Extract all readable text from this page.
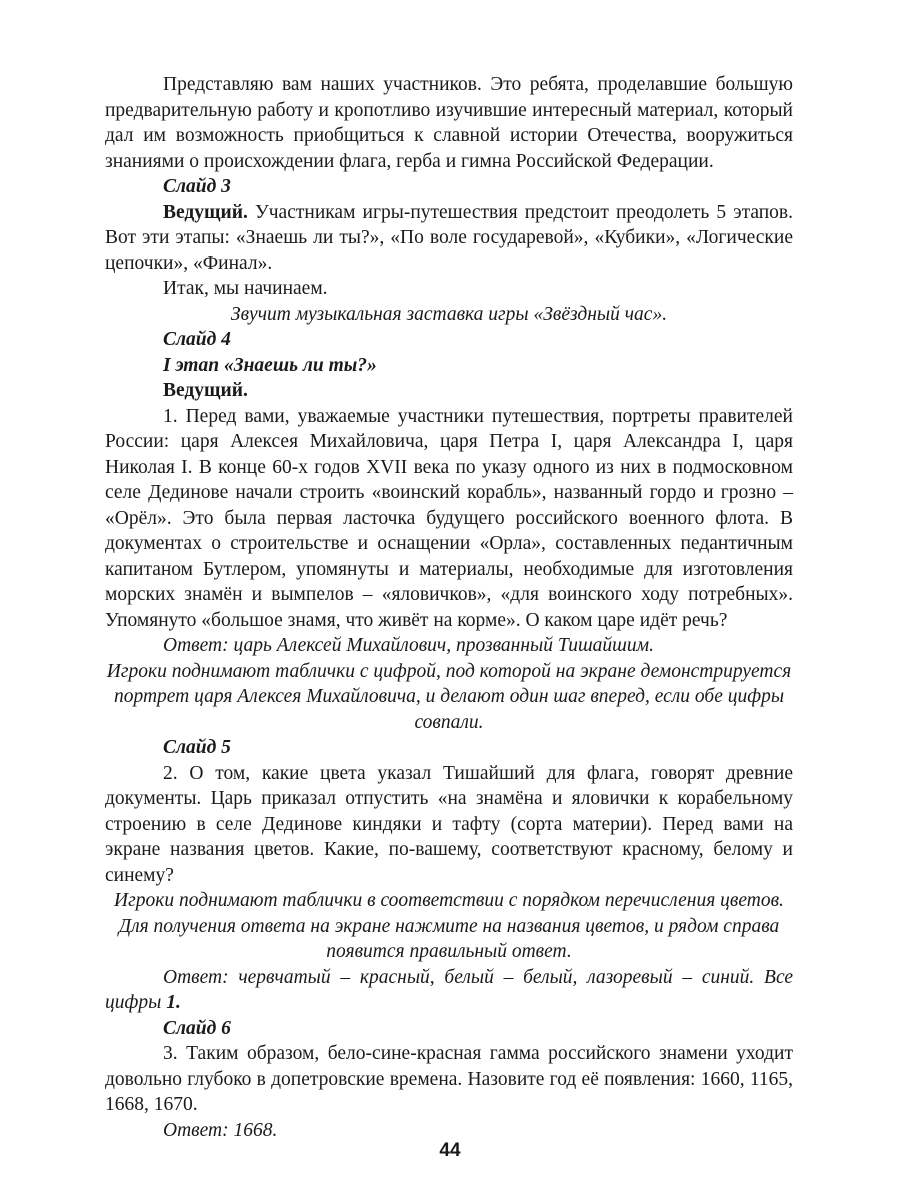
Представляю вам наших участников. Это ребята, проделавшие большую предварительную работу и кропотливо изучившие интересный материал, который дал им возможность приобщиться к славной истории Отечества, вооружиться знаниями о происхождении флага, герба и гимна Российской Федерации.

Слайд 3

Ведущий. Участникам игры-путешествия предстоит преодолеть 5 этапов. Вот эти этапы: «Знаешь ли ты?», «По воле государевой», «Кубики», «Логические цепочки», «Финал».

Итак, мы начинаем.

Звучит музыкальная заставка игры «Звёздный час».

Слайд 4

I этап «Знаешь ли ты?»

Ведущий.

1. Перед вами, уважаемые участники путешествия, портреты правителей России: царя Алексея Михайловича, царя Петра I, царя Александра I, царя Николая I. В конце 60-х годов XVII века по указу одного из них в подмосковном селе Дединове начали строить «воинский корабль», названный гордо и грозно – «Орёл». Это была первая ласточка будущего российского военного флота. В документах о строительстве и оснащении «Орла», составленных педантичным капитаном Бутлером, упомянуты и материалы, необходимые для изготовления морских знамён и вымпелов – «яловичков», «для воинского ходу потребных». Упомянуто «большое знамя, что живёт на корме». О каком царе идёт речь?

Ответ: царь Алексей Михайлович, прозванный Тишайшим.

Игроки поднимают таблички с цифрой, под которой на экране демонстрируется портрет царя Алексея Михайловича, и делают один шаг вперед, если обе цифры совпали.

Слайд 5

2. О том, какие цвета указал Тишайший для флага, говорят древние документы. Царь приказал отпустить «на знамёна и яловички к корабельному строению в селе Дединове киндяки и тафту (сорта материи). Перед вами на экране названия цветов. Какие, по-вашему, соответствуют красному, белому и синему?

Игроки поднимают таблички в соответствии с порядком перечисления цветов. Для получения ответа на экране нажмите на названия цветов, и рядом справа появится правильный ответ.

Ответ: червчатый – красный, белый – белый, лазоревый – синий. Все цифры 1.

Слайд 6

3. Таким образом, бело-сине-красная гамма российского знамени уходит довольно глубоко в допетровские времена. Назовите год её появления: 1660, 1165, 1668, 1670.

Ответ: 1668.

44
